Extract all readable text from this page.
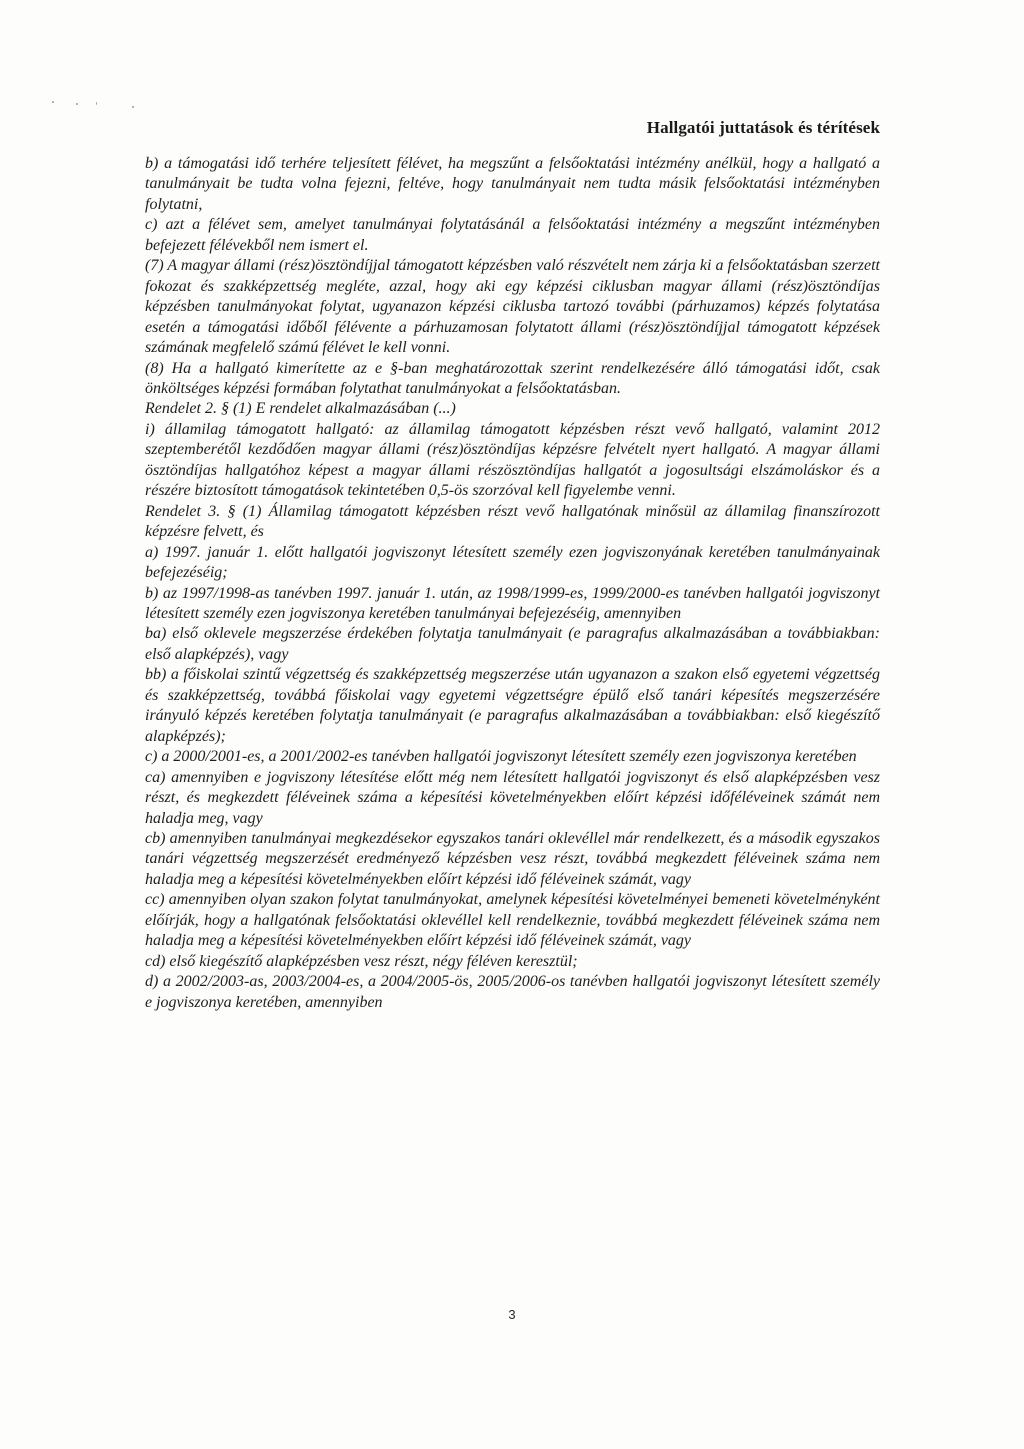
Hallgatói juttatások és térítések

b) a támogatási idő terhére teljesített félévet, ha megszűnt a felsőoktatási intézmény anélkül, hogy a hallgató a tanulmányait be tudta volna fejezni, feltéve, hogy tanulmányait nem tudta másik felsőoktatási intézményben folytatni,

c) azt a félévet sem, amelyet tanulmányai folytatásánál a felsőoktatási intézmény a megszűnt intézményben befejezett félévekből nem ismert el.

(7) A magyar állami (rész)ösztöndíjjal támogatott képzésben való részvételt nem zárja ki a felsőoktatásban szerzett fokozat és szakképzettség megléte, azzal, hogy aki egy képzési ciklusban magyar állami (rész)ösztöndíjas képzésben tanulmányokat folytat, ugyanazon képzési ciklusba tartozó további (párhuzamos) képzés folytatása esetén a támogatási időből félévente a párhuzamosan folytatott állami (rész)ösztöndíjjal támogatott képzések számának megfelelő számú félévet le kell vonni.

(8) Ha a hallgató kimerítette az e §-ban meghatározottak szerint rendelkezésére álló támogatási időt, csak önköltséges képzési formában folytathat tanulmányokat a felsőoktatásban.

Rendelet 2. § (1) E rendelet alkalmazásában (...)

i) államilag támogatott hallgató: az államilag támogatott képzésben részt vevő hallgató, valamint 2012 szeptemberétől kezdődően magyar állami (rész)ösztöndíjas képzésre felvételt nyert hallgató. A magyar állami ösztöndíjas hallgatóhoz képest a magyar állami részösztöndíjas hallgatót a jogosultsági elszámoláskor és a részére biztosított támogatások tekintetében 0,5-ös szorzóval kell figyelembe venni.

Rendelet 3. § (1) Államilag támogatott képzésben részt vevő hallgatónak minősül az államilag finanszírozott képzésre felvett, és

a) 1997. január 1. előtt hallgatói jogviszonyt létesített személy ezen jogviszonyának keretében tanulmányainak befejezéséig;

b) az 1997/1998-as tanévben 1997. január 1. után, az 1998/1999-es, 1999/2000-es tanévben hallgatói jogviszonyt létesített személy ezen jogviszonya keretében tanulmányai befejezéséig, amennyiben

ba) első oklevele megszerzése érdekében folytatja tanulmányait (e paragrafus alkalmazásában a továbbiakban: első alapképzés), vagy

bb) a főiskolai szintű végzettség és szakképzettség megszerzése után ugyanazon a szakon első egyetemi végzettség és szakképzettség, továbbá főiskolai vagy egyetemi végzettségre épülő első tanári képesítés megszerzésére irányuló képzés keretében folytatja tanulmányait (e paragrafus alkalmazásában a továbbiakban: első kiegészítő alapképzés);

c) a 2000/2001-es, a 2001/2002-es tanévben hallgatói jogviszonyt létesített személy ezen jogviszonya keretében

ca) amennyiben e jogviszony létesítése előtt még nem létesített hallgatói jogviszonyt és első alapképzésben vesz részt, és megkezdett féléveinek száma a képesítési követelményekben előírt képzési időféléveinek számát nem haladja meg, vagy

cb) amennyiben tanulmányai megkezdésekor egyszakos tanári oklevéllel már rendelkezett, és a második egyszakos tanári végzettség megszerzését eredményező képzésben vesz részt, továbbá megkezdett féléveinek száma nem haladja meg a képesítési követelményekben előírt képzési idő féléveinek számát, vagy

cc) amennyiben olyan szakon folytat tanulmányokat, amelynek képesítési követelményei bemeneti követelményként előírják, hogy a hallgatónak felsőoktatási oklevéllel kell rendelkeznie, továbbá megkezdett féléveinek száma nem haladja meg a képesítési követelményekben előírt képzési idő féléveinek számát, vagy

cd) első kiegészítő alapképzésben vesz részt, négy féléven keresztül;

d) a 2002/2003-as, 2003/2004-es, a 2004/2005-ös, 2005/2006-os tanévben hallgatói jogviszonyt létesített személy e jogviszonya keretében, amennyiben

3
